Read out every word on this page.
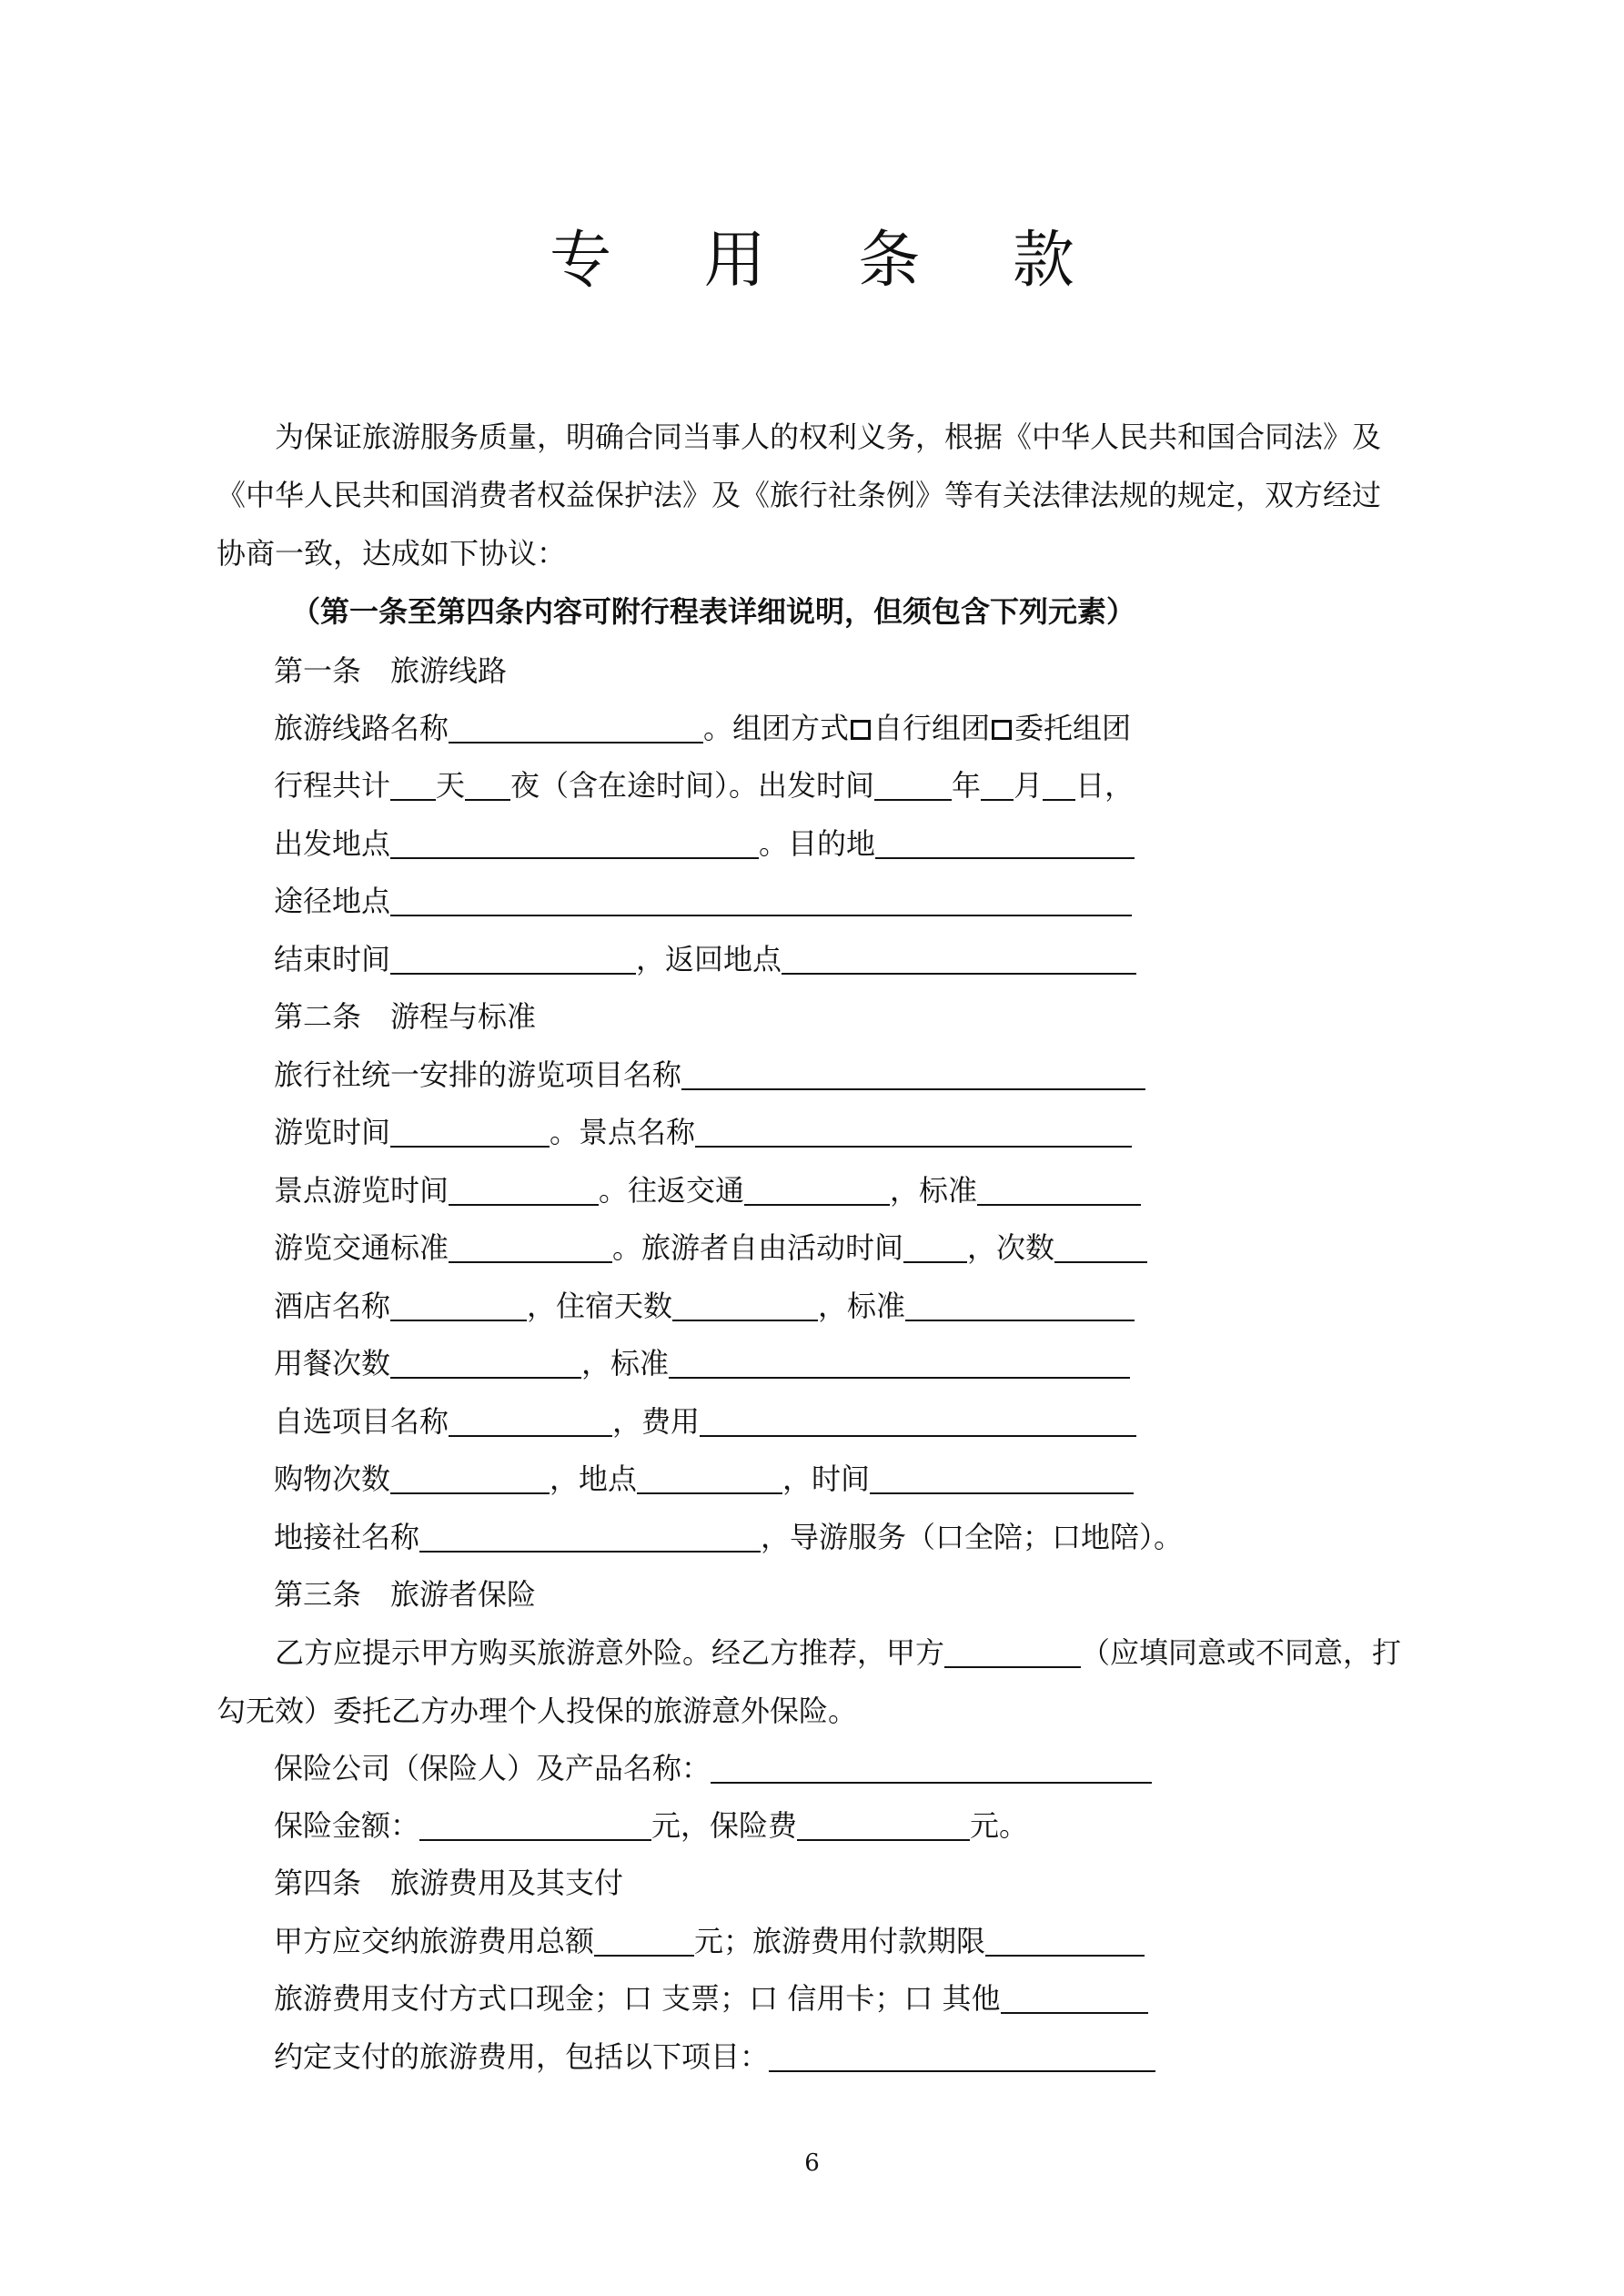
专 用 条 款
为保证旅游服务质量，明确合同当事人的权利义务，根据《中华人民共和国合同法》及《中华人民共和国消费者权益保护法》及《旅行社条例》等有关法律法规的规定，双方经过协商一致，达成如下协议：
（第一条至第四条内容可附行程表详细说明，但须包含下列元素）
第一条　旅游线路
旅游线路名称	。组团方式 自行组团 委托组团
行程共计 天 夜（含在途时间）。出发时间	年 月 日，
出发地点	。目的地
途径地点
结束时间	，返回地点
第二条　游程与标准
旅行社统一安排的游览项目名称
游览时间	。景点名称
景点游览时间	。往返交通	，标准
游览交通标准	。旅游者自由活动时间 ，次数
酒店名称	，住宿天数	，标准
用餐次数	，标准
自选项目名称	，费用
购物次数	，地点	，时间
地接社名称	，导游服务（口全陪；口地陪）。
第三条　旅游者保险
乙方应提示甲方购买旅游意外险。经乙方推荐，甲方	（应填同意或不同意，打勾无效）委托乙方办理个人投保的旅游意外保险。
保险公司（保险人）及产品名称：
保险金额：	元，保险费	元。
第四条　旅游费用及其支付
甲方应交纳旅游费用总额	元；旅游费用付款期限
旅游费用支付方式口现金；口 支票；口 信用卡；口 其他
约定支付的旅游费用，包括以下项目：
6
